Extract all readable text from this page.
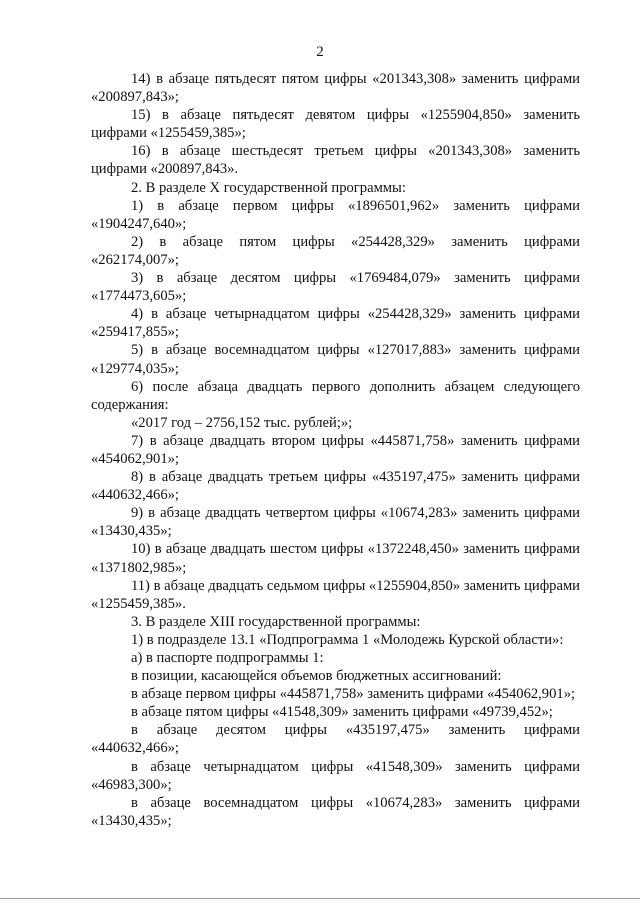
2

14) в абзаце пятьдесят пятом цифры «201343,308» заменить цифрами «200897,843»;

15) в абзаце пятьдесят девятом цифры «1255904,850» заменить цифрами «1255459,385»;

16) в абзаце шестьдесят третьем цифры «201343,308» заменить цифрами «200897,843».

2. В разделе X государственной программы:

1) в абзаце первом цифры «1896501,962» заменить цифрами «1904247,640»;

2) в абзаце пятом цифры «254428,329» заменить цифрами «262174,007»;

3) в абзаце десятом цифры «1769484,079» заменить цифрами «1774473,605»;

4) в абзаце четырнадцатом цифры «254428,329» заменить цифрами «259417,855»;

5) в абзаце восемнадцатом цифры «127017,883» заменить цифрами «129774,035»;

6) после абзаца двадцать первого дополнить абзацем следующего содержания:

«2017 год – 2756,152 тыс. рублей;»;

7) в абзаце двадцать втором цифры «445871,758» заменить цифрами «454062,901»;

8) в абзаце двадцать третьем цифры «435197,475» заменить цифрами «440632,466»;

9) в абзаце двадцать четвертом цифры «10674,283» заменить цифрами «13430,435»;

10) в абзаце двадцать шестом цифры «1372248,450» заменить цифрами «1371802,985»;

11) в абзаце двадцать седьмом цифры «1255904,850» заменить цифрами «1255459,385».

3. В разделе XIII государственной программы:

1) в подразделе 13.1 «Подпрограмма 1 «Молодежь Курской области»:

а) в паспорте подпрограммы 1:

в позиции, касающейся объемов бюджетных ассигнований:

в абзаце первом цифры «445871,758» заменить цифрами «454062,901»;

в абзаце пятом цифры «41548,309» заменить цифрами «49739,452»;

в абзаце десятом цифры «435197,475» заменить цифрами «440632,466»;

в абзаце четырнадцатом цифры «41548,309» заменить цифрами «46983,300»;

в абзаце восемнадцатом цифры «10674,283» заменить цифрами «13430,435»;
